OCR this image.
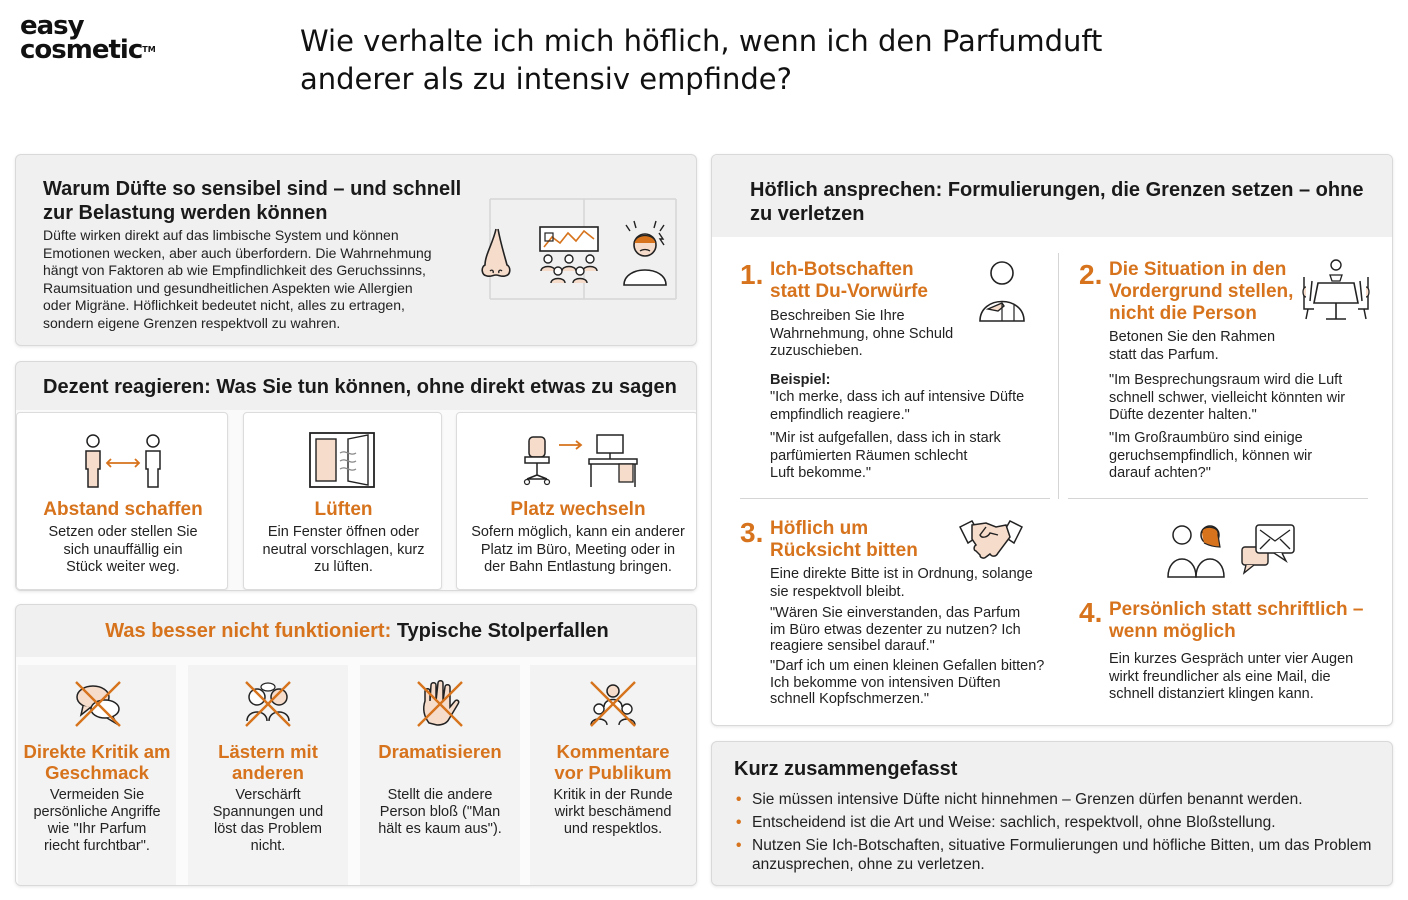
easy
cosmetic™	Wie verhalte ich mich höflich, wenn ich den Parfumduft
anderer als zu intensiv empfinde?
Warum Düfte so sensibel sind – und schnell
zur Belastung werden können
Düfte wirken direkt auf das limbische System und können
Emotionen wecken, aber auch überfordern. Die Wahrnehmung
hängt von Faktoren ab wie Empfindlichkeit des Geruchssinns,
Raumsituation und gesundheitlichen Aspekten wie Allergien
oder Migräne. Höflichkeit bedeutet nicht, alles zu ertragen,
sondern eigene Grenzen respektvoll zu wahren.
Dezent reagieren: Was Sie tun können, ohne direkt etwas zu sagen
Abstand schaffen
Setzen oder stellen Sie
sich unauffällig ein
Stück weiter weg.
Lüften
Ein Fenster öffnen oder
neutral vorschlagen, kurz
zu lüften.
Platz wechseln
Sofern möglich, kann ein anderer
Platz im Büro, Meeting oder in
der Bahn Entlastung bringen.
Was besser nicht funktioniert: Typische Stolperfallen
Direkte Kritik am
Geschmack
Vermeiden Sie
persönliche Angriffe
wie "Ihr Parfum
riecht furchtbar".
Lästern mit
anderen
Verschärft
Spannungen und
löst das Problem
nicht.
Dramatisieren
Stellt die andere
Person bloß ("Man
hält es kaum aus").
Kommentare
vor Publikum
Kritik in der Runde
wirkt beschämend
und respektlos.
Höflich ansprechen: Formulierungen, die Grenzen setzen – ohne
zu verletzen
1. Ich-Botschaften
statt Du-Vorwürfe
Beschreiben Sie Ihre
Wahrnehmung, ohne Schuld
zuzuschieben.
Beispiel:
"Ich merke, dass ich auf intensive Düfte
empfindlich reagiere."
"Mir ist aufgefallen, dass ich in stark
parfümierten Räumen schlecht
Luft bekomme."
2. Die Situation in den
Vordergrund stellen,
nicht die Person
Betonen Sie den Rahmen
statt das Parfum.
"Im Besprechungsraum wird die Luft
schnell schwer, vielleicht könnten wir
Düfte dezenter halten."
"Im Großraumbüro sind einige
geruchsempfindlich, können wir
darauf achten?"
3. Höflich um
Rücksicht bitten
Eine direkte Bitte ist in Ordnung, solange
sie respektvoll bleibt.
"Wären Sie einverstanden, das Parfum
im Büro etwas dezenter zu nutzen? Ich
reagiere sensibel darauf."
"Darf ich um einen kleinen Gefallen bitten?
Ich bekomme von intensiven Düften
schnell Kopfschmerzen."
4. Persönlich statt schriftlich –
wenn möglich
Ein kurzes Gespräch unter vier Augen
wirkt freundlicher als eine Mail, die
schnell distanziert klingen kann.
Kurz zusammengefasst
• Sie müssen intensive Düfte nicht hinnehmen – Grenzen dürfen benannt werden.
• Entscheidend ist die Art und Weise: sachlich, respektvoll, ohne Bloßstellung.
• Nutzen Sie Ich-Botschaften, situative Formulierungen und höfliche Bitten, um das Problem anzusprechen, ohne zu verletzen.
